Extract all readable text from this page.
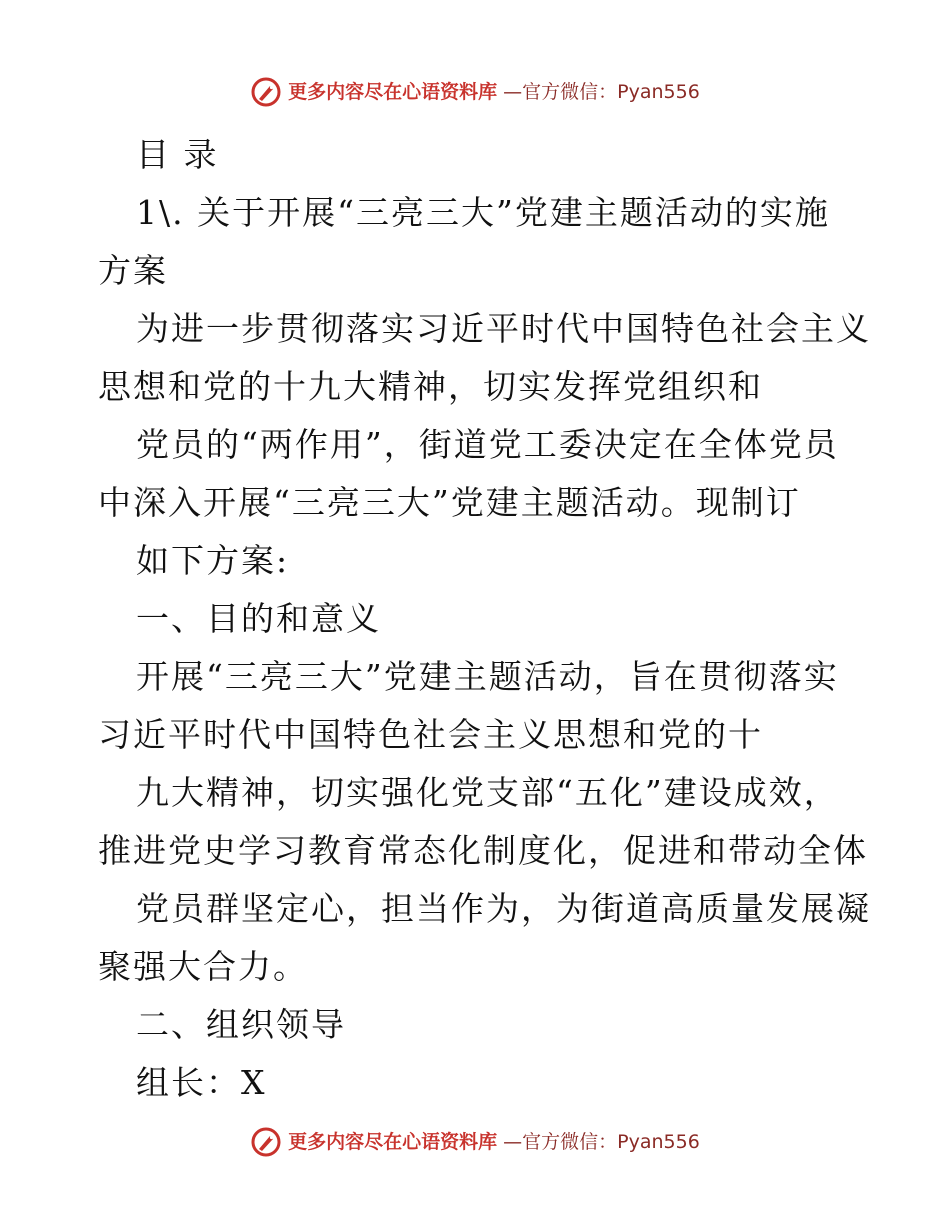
更多内容尽在心语资料库 —官方微信：Pyan556
目 录
1\. 关于开展“三亮三大”党建主题活动的实施
方案
为进一步贯彻落实习近平时代中国特色社会主义
思想和党的十九大精神，切实发挥党组织和
党员的“两作用”，街道党工委决定在全体党员
中深入开展“三亮三大”党建主题活动。现制订
如下方案:
一、目的和意义
开展“三亮三大”党建主题活动，旨在贯彻落实
习近平时代中国特色社会主义思想和党的十
九大精神，切实强化党支部“五化”建设成效，
推进党史学习教育常态化制度化，促进和带动全体
党员群坚定心，担当作为，为街道高质量发展凝
聚强大合力。
二、组织领导
组长：X
更多内容尽在心语资料库 —官方微信：Pyan556
